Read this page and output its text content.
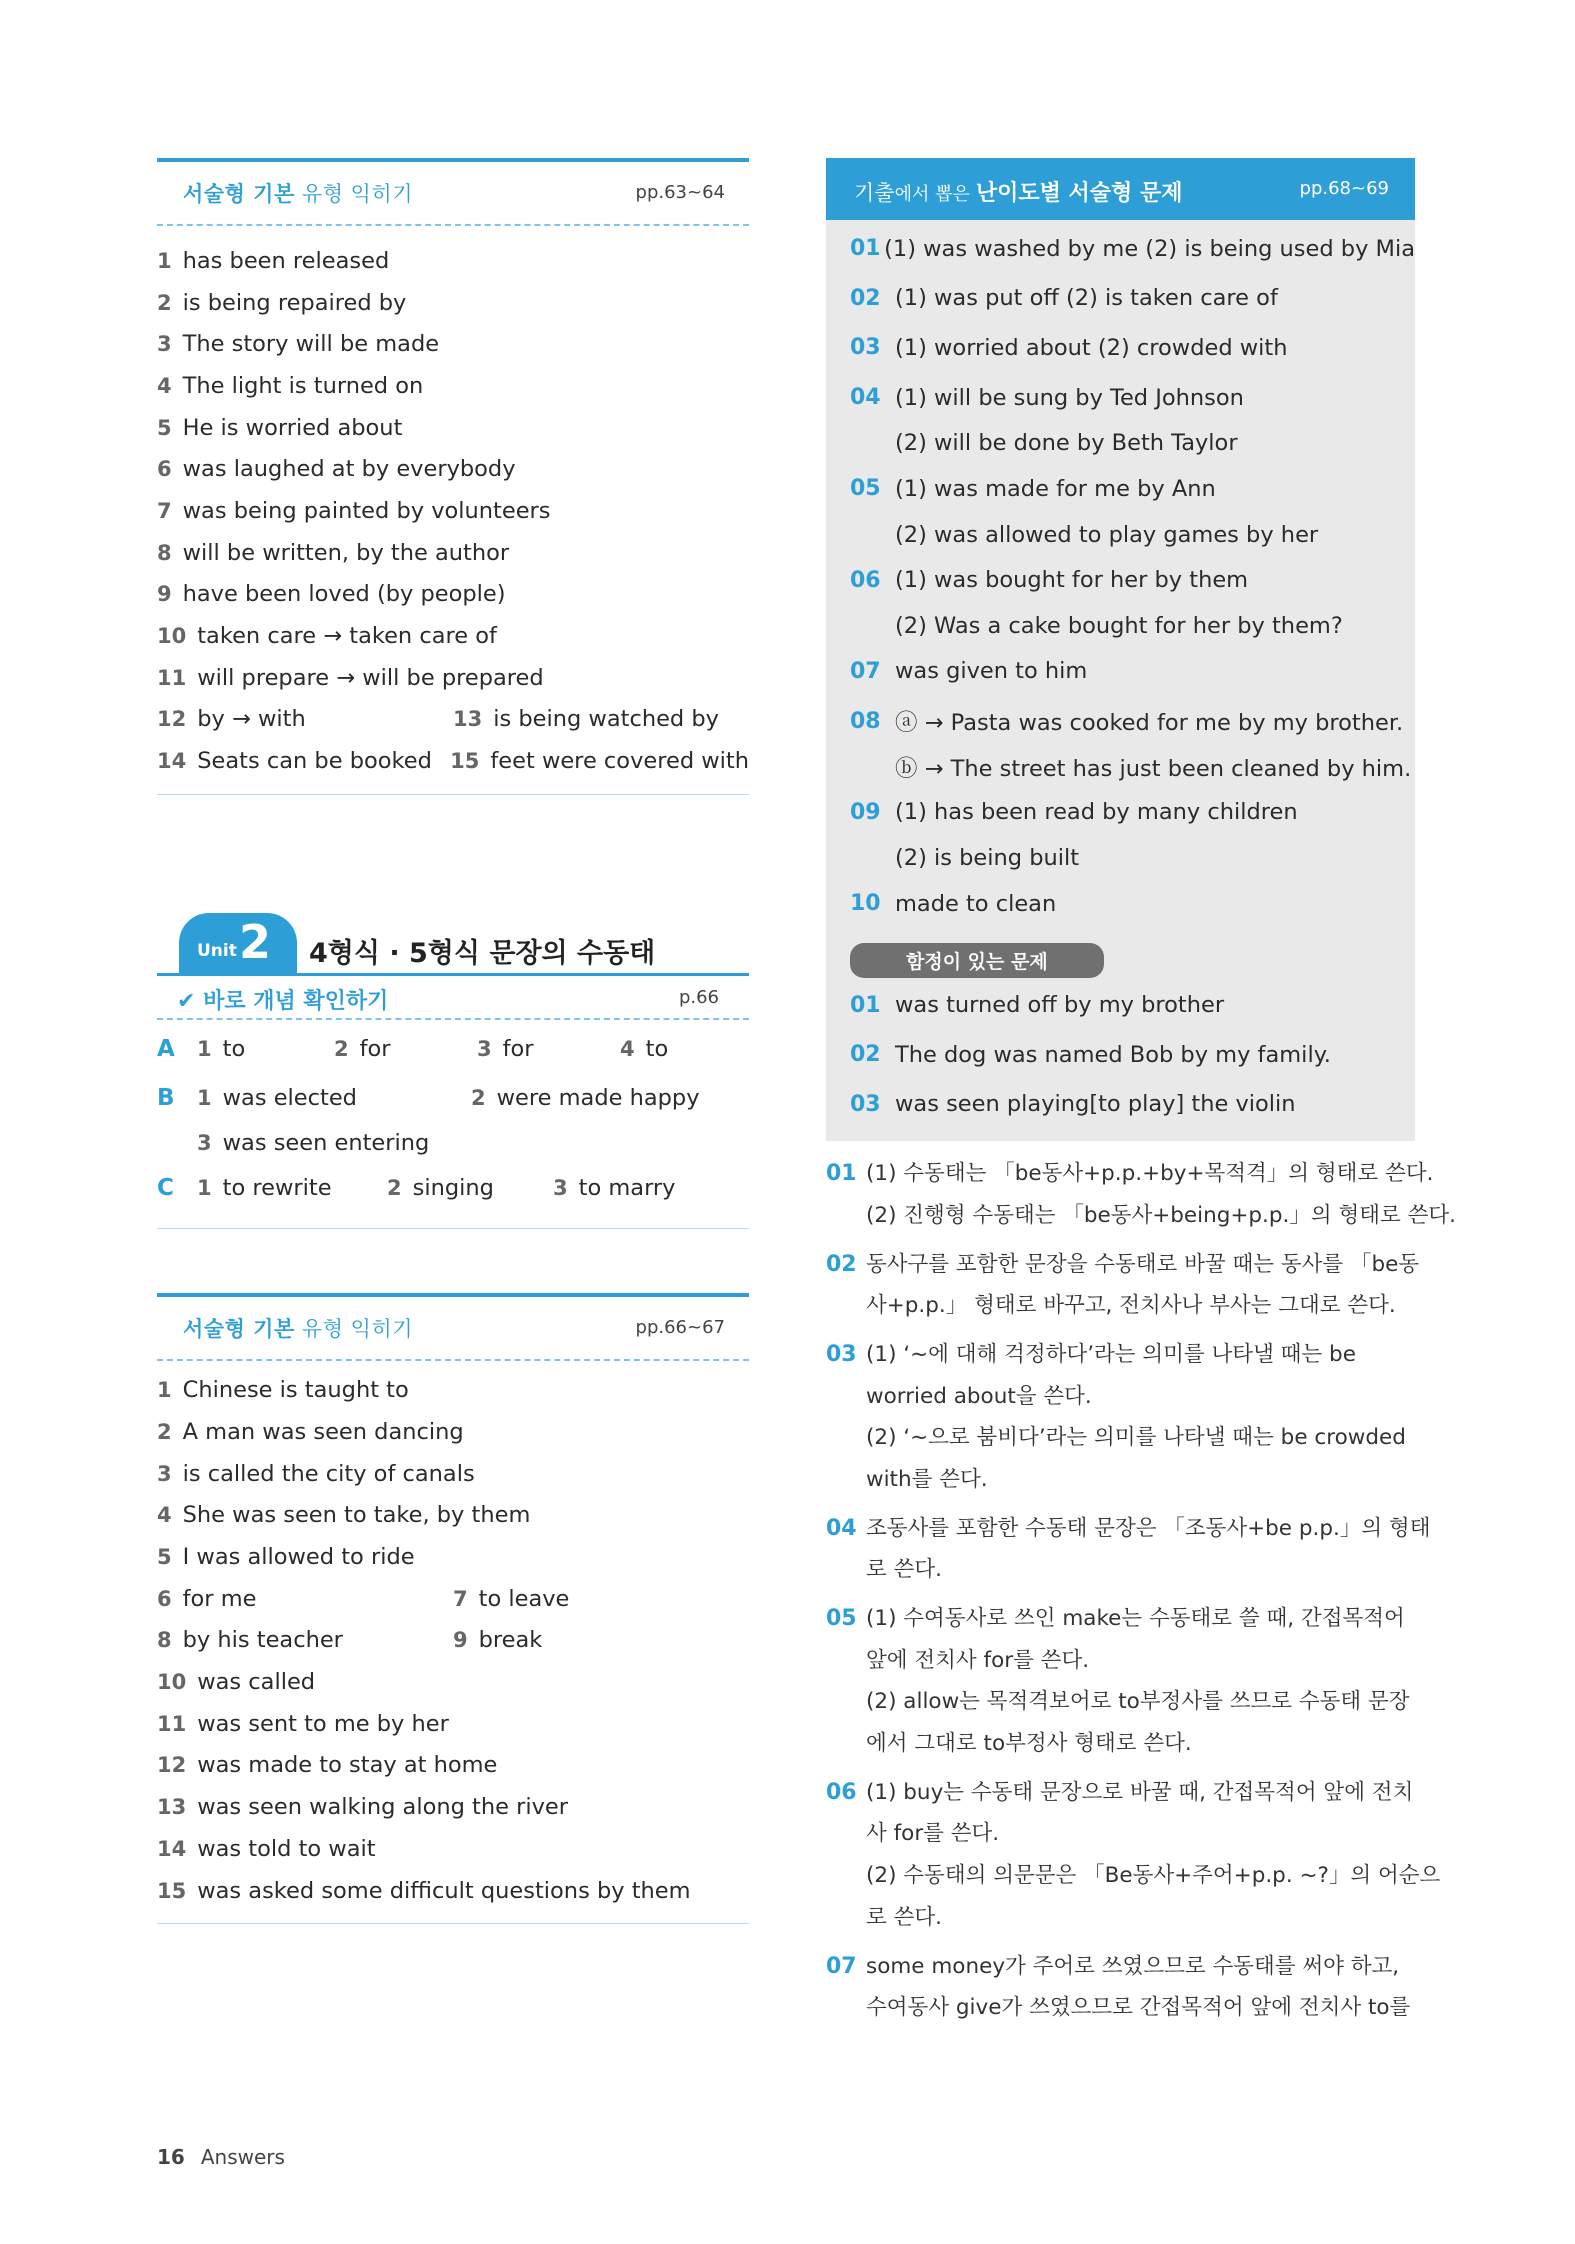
서술형 기본 유형 익히기	pp.63~64
1 has been released
2 is being repaired by
3 The story will be made
4 The light is turned on
5 He is worried about
6 was laughed at by everybody
7 was being painted by volunteers
8 will be written, by the author
9 have been loved (by people)
10 taken care → taken care of
11 will prepare → will be prepared
12 by → with	13 is being watched by
14 Seats can be booked 15 feet were covered with
Unit 2 4형식 · 5형식 문장의 수동태
✔ 바로 개념 확인하기	p.66
A	1 to	2 for	3 for	4 to
B	1 was elected	2 were made happy
3 was seen entering
C	1 to rewrite	2 singing	3 to marry
서술형 기본 유형 익히기	pp.66~67
1 Chinese is taught to
2 A man was seen dancing
3 is called the city of canals
4 She was seen to take, by them
5 I was allowed to ride
6 for me	7 to leave
8 by his teacher	9 break
10 was called
11 was sent to me by her
12 was made to stay at home
13 was seen walking along the river
14 was told to wait
15 was asked some difficult questions by them
기출에서 뽑은 난이도별 서술형 문제	pp.68~69
01 (1) was washed by me (2) is being used by Mia
02 (1) was put off (2) is taken care of
03 (1) worried about (2) crowded with
04 (1) will be sung by Ted Johnson
(2) will be done by Beth Taylor
05 (1) was made for me by Ann
(2) was allowed to play games by her
06 (1) was bought for her by them
(2) Was a cake bought for her by them?
07 was given to him
08 ⓐ → Pasta was cooked for me by my brother.
ⓑ → The street has just been cleaned by him.
09 (1) has been read by many children
(2) is being built
10 made to clean
함정이 있는 문제
01 was turned off by my brother
02 The dog was named Bob by my family.
03 was seen playing[to play] the violin
01 (1) 수동태는 「be동사+p.p.+by+목적격」의 형태로 쓴다.
(2) 진행형 수동태는 「be동사+being+p.p.」의 형태로 쓴다.
02 동사구를 포함한 문장을 수동태로 바꿀 때는 동사를 「be동
사+p.p.」 형태로 바꾸고, 전치사나 부사는 그대로 쓴다.
03 (1) ‘~에 대해 걱정하다’라는 의미를 나타낼 때는 be
worried about을 쓴다.
(2) ‘~으로 붐비다’라는 의미를 나타낼 때는 be crowded
with를 쓴다.
04 조동사를 포함한 수동태 문장은 「조동사+be p.p.」의 형태
로 쓴다.
05 (1) 수여동사로 쓰인 make는 수동태로 쓸 때, 간접목적어
앞에 전치사 for를 쓴다.
(2) allow는 목적격보어로 to부정사를 쓰므로 수동태 문장
에서 그대로 to부정사 형태로 쓴다.
06 (1) buy는 수동태 문장으로 바꿀 때, 간접목적어 앞에 전치
사 for를 쓴다.
(2) 수동태의 의문문은 「Be동사+주어+p.p. ~?」의 어순으
로 쓴다.
07 some money가 주어로 쓰였으므로 수동태를 써야 하고,
수여동사 give가 쓰였으므로 간접목적어 앞에 전치사 to를
16 Answers
